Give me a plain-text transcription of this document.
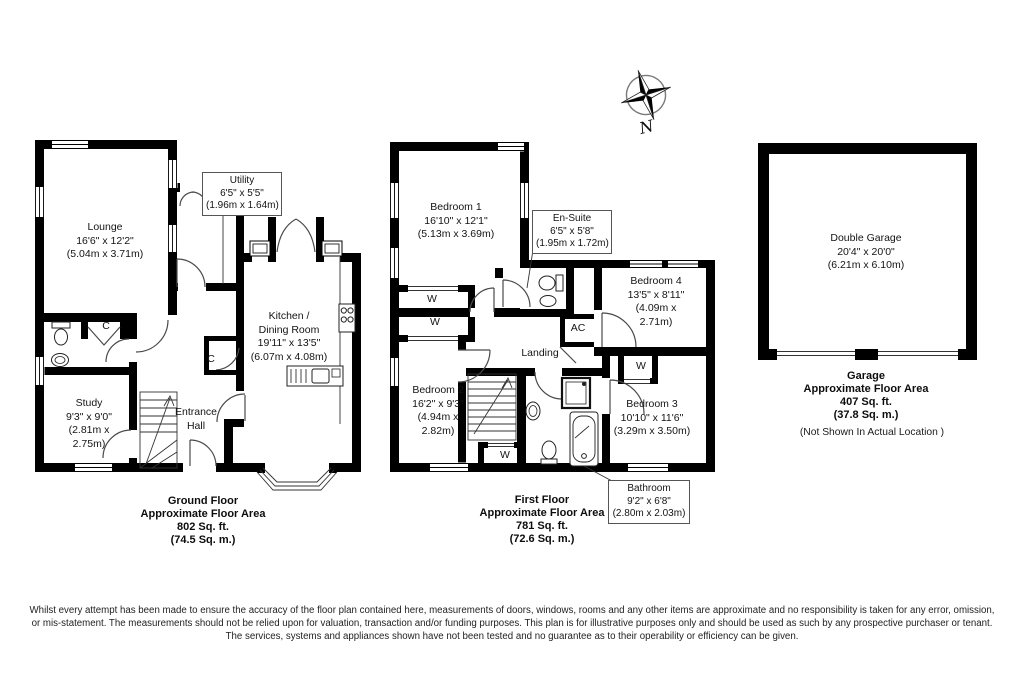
N
Lounge
16'6" x 12'2"
(5.04m x 3.71m)
Utility
6'5" x 5'5"
(1.96m x 1.64m)
Kitchen /
Dining Room
19'11" x 13'5"
(6.07m x 4.08m)
Study
9'3" x 9'0"
(2.81m x
2.75m)
Entrance
Hall
C
C
Ground Floor
Approximate Floor Area
802 Sq. ft.
(74.5 Sq. m.)
Bedroom 1
16'10" x 12'1"
(5.13m x 3.69m)
En-Suite
6'5" x 5'8"
(1.95m x 1.72m)
Bedroom 4
13'5" x 8'11"
(4.09m x
2.71m)
Landing
Bedroom 2
16'2" x 9'3"
(4.94m x
2.82m)
Bedroom 3
10'10" x 11'6"
(3.29m x 3.50m)
Bathroom
9'2" x 6'8"
(2.80m x 2.03m)
W
W
W
W
AC
First Floor
Approximate Floor Area
781 Sq. ft.
(72.6 Sq. m.)
Double Garage
20'4" x 20'0"
(6.21m x 6.10m)
Garage
Approximate Floor Area
407 Sq. ft.
(37.8 Sq. m.)
(Not Shown In Actual Location )
Whilst every attempt has been made to ensure the accuracy of the floor plan contained here, measurements of doors, windows, rooms and any other items are approximate and no responsibility is taken for any error, omission,
or mis-statement. The measurements should not be relied upon for valuation, transaction and/or funding purposes. This plan is for illustrative purposes only and should be used as such by any prospective purchaser or tenant.
The services, systems and appliances shown have not been tested and no guarantee as to their operability or efficiency can be given.
